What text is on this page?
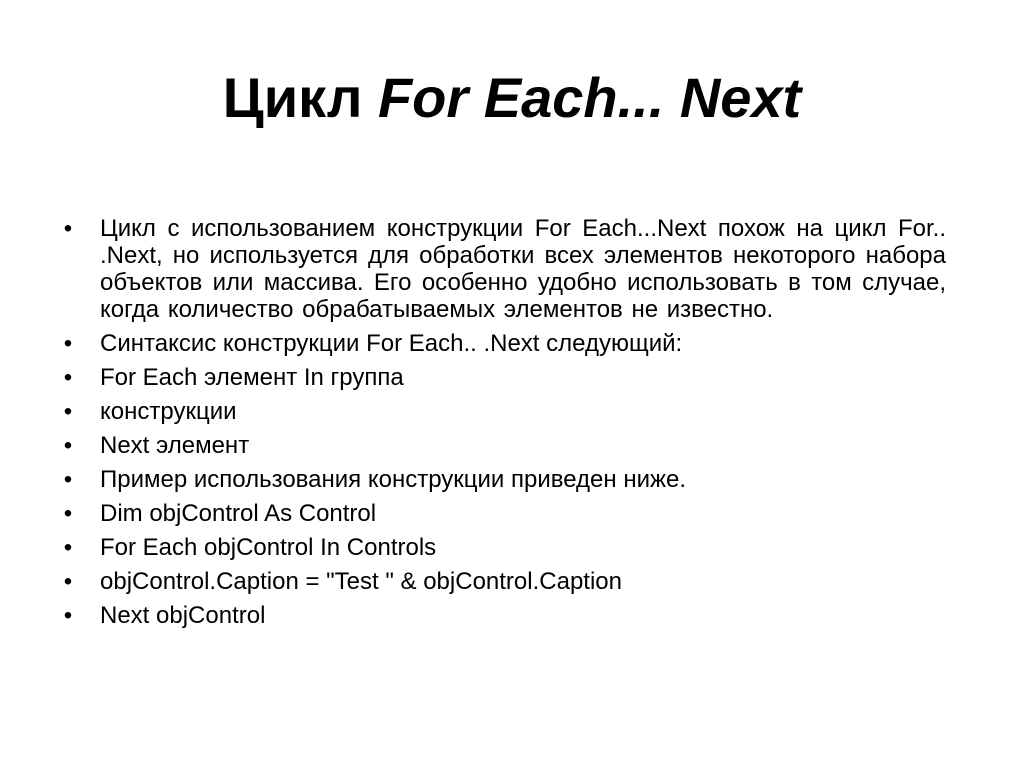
Цикл For Each... Next
• Цикл с использованием конструкции For Each...Next похож на цикл For.. .Next, но используется для обработки всех элементов некоторого набора объектов или массива. Его особенно удобно использовать в том случае, когда количество обрабатываемых элементов не известно.
• Синтаксис конструкции For Each.. .Next следующий:
• For Each элемент In группа
• конструкции
• Next элемент
• Пример использования конструкции приведен ниже.
• Dim objControl As Control
• For Each objControl In Controls
• objControl.Caption = "Test " & objControl.Caption
• Next objControl
